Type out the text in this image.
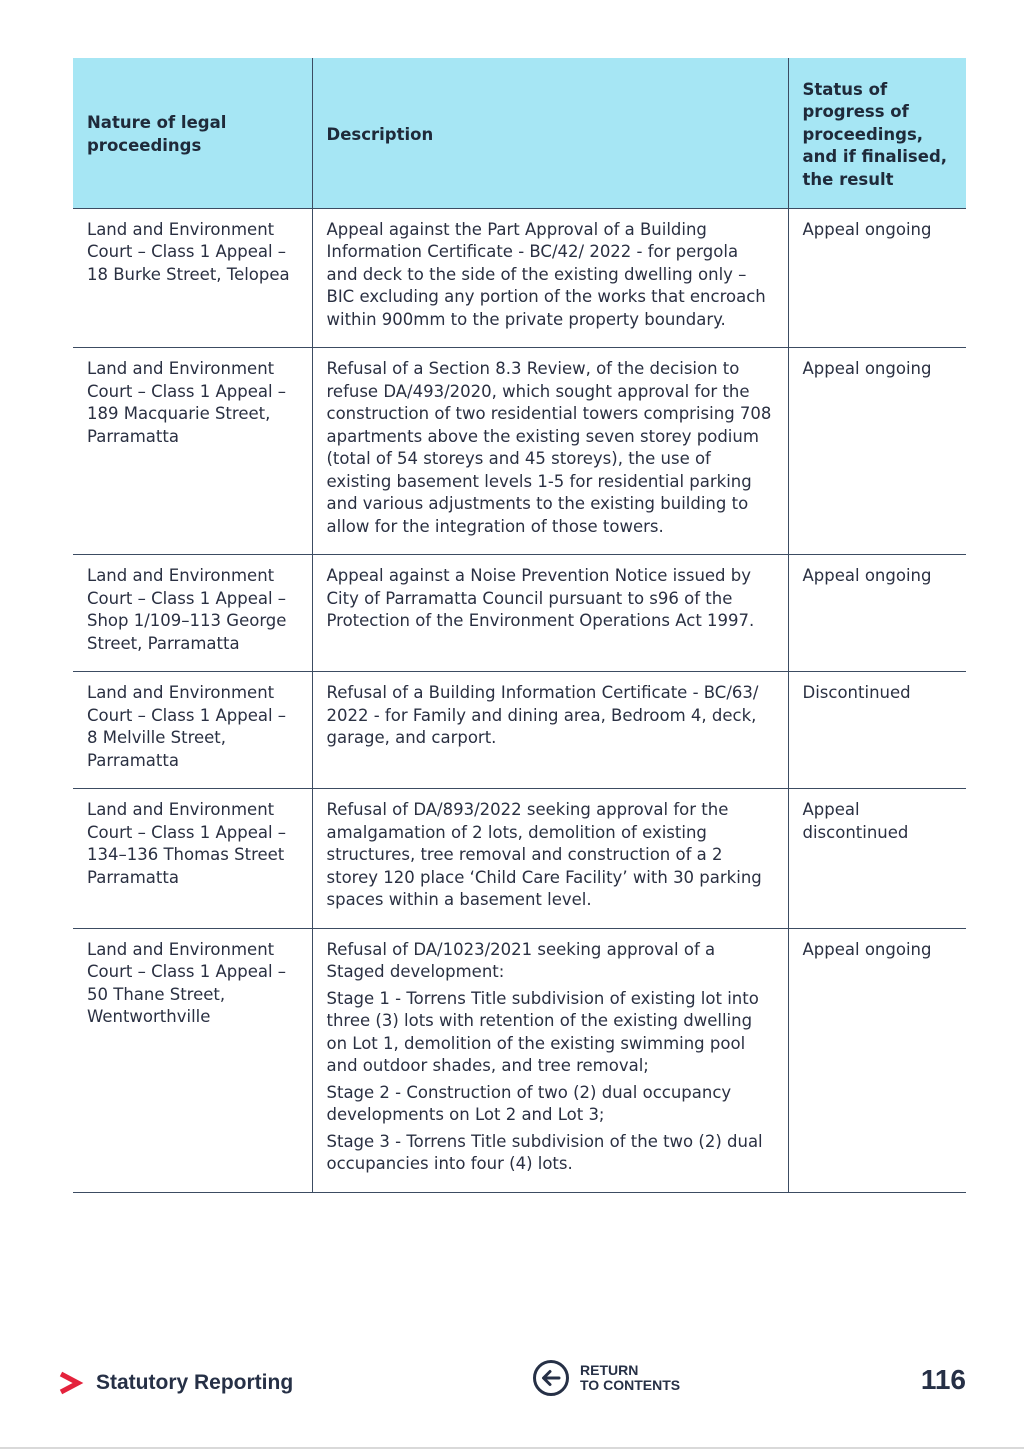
Nature of legal proceedings	Description	Status of progress of proceedings, and if finalised, the result
Land and Environment Court – Class 1 Appeal – 18 Burke Street, Telopea	Appeal against the Part Approval of a Building Information Certificate - BC/42/ 2022 - for pergola and deck to the side of the existing dwelling only – BIC excluding any portion of the works that encroach within 900mm to the private property boundary.	Appeal ongoing
Land and Environment Court – Class 1 Appeal – 189 Macquarie Street, Parramatta	Refusal of a Section 8.3 Review, of the decision to refuse DA/493/2020, which sought approval for the construction of two residential towers comprising 708 apartments above the existing seven storey podium (total of 54 storeys and 45 storeys), the use of existing basement levels 1-5 for residential parking and various adjustments to the existing building to allow for the integration of those towers.	Appeal ongoing
Land and Environment Court – Class 1 Appeal – Shop 1/109–113 George Street, Parramatta	Appeal against a Noise Prevention Notice issued by City of Parramatta Council pursuant to s96 of the Protection of the Environment Operations Act 1997.	Appeal ongoing
Land and Environment Court – Class 1 Appeal – 8 Melville Street, Parramatta	Refusal of a Building Information Certificate - BC/63/ 2022 - for Family and dining area, Bedroom 4, deck, garage, and carport.	Discontinued
Land and Environment Court – Class 1 Appeal – 134–136 Thomas Street Parramatta	Refusal of DA/893/2022 seeking approval for the amalgamation of 2 lots, demolition of existing structures, tree removal and construction of a 2 storey 120 place ‘Child Care Facility’ with 30 parking spaces within a basement level.	Appeal discontinued
Land and Environment Court – Class 1 Appeal – 50 Thane Street, Wentworthville	Refusal of DA/1023/2021 seeking approval of a Staged development:

Stage 1 - Torrens Title subdivision of existing lot into three (3) lots with retention of the existing dwelling on Lot 1, demolition of the existing swimming pool and outdoor shades, and tree removal;

Stage 2 - Construction of two (2) dual occupancy developments on Lot 2 and Lot 3;

Stage 3 - Torrens Title subdivision of the two (2) dual occupancies into four (4) lots.	Appeal ongoing
Statutory Reporting
RETURN
TO CONTENTS	116
